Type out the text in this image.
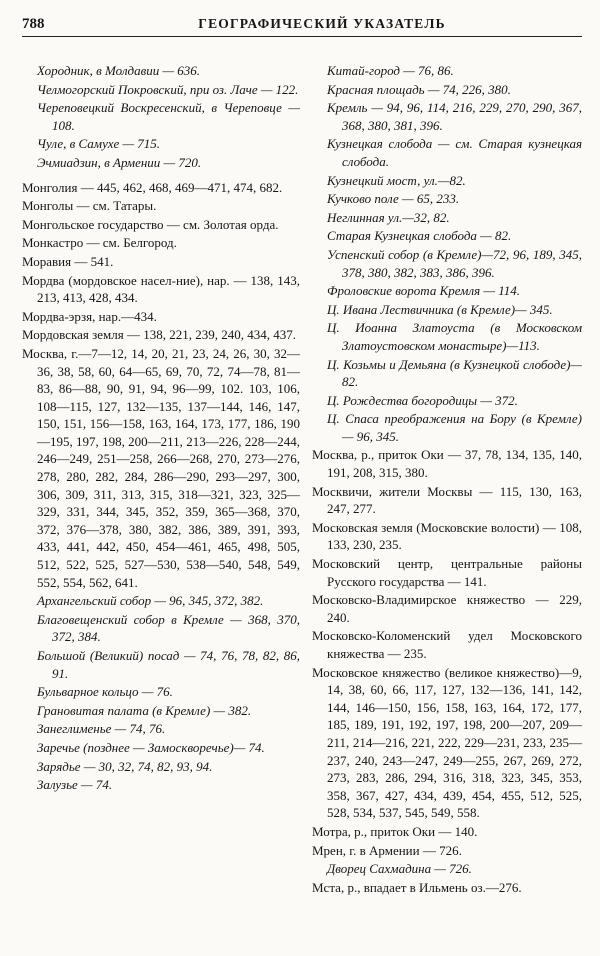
788	ГЕОГРАФИЧЕСКИЙ УКАЗАТЕЛЬ

Хородник, в Молдавии — 636.

Челмогорский Покровский, при оз. Лаче — 122.

Череповецкий Воскресенский, в Череповце —108.

Чуле, в Самухе — 715.

Эчмиадзин, в Армении — 720.

Монголия — 445, 462, 468, 469—471, 474, 682.

Монголы — см. Татары.

Монгольское государство — см. Золотая орда.

Монкастро — см. Белгород.

Моравия — 541.

Мордва (мордовское насел-ние), нар. — 138, 143, 213, 413, 428, 434.

Мордва-эрзя, нар.—434.

Мордовская земля — 138, 221, 239, 240, 434, 437.

Москва, г.—7—12, 14, 20, 21, 23, 24, 26, 30, 32—36, 38, 58, 60, 64—65, 69, 70, 72, 74—78, 81—83, 86—88, 90, 91, 94, 96—99, 102. 103, 106, 108—115, 127, 132—135, 137—144, 146, 147, 150, 151, 156—158, 163, 164, 173, 177, 186, 190—195, 197, 198, 200—211, 213—226, 228—244, 246—249, 251—258, 266—268, 270, 273—276, 278, 280, 282, 284, 286—290, 293—297, 300, 306, 309, 311, 313, 315, 318—321, 323, 325—329, 331, 344, 345, 352, 359, 365—368, 370, 372, 376—378, 380, 382, 386, 389, 391, 393, 433, 441, 442, 450, 454—461, 465, 498, 505, 512, 522, 525, 527—530, 538—540, 548, 549, 552, 554, 562, 641.

Архангельский собор — 96, 345, 372, 382.

Благовещенский собор в Кремле — 368, 370, 372, 384.

Большой (Великий) посад — 74, 76, 78, 82, 86, 91.

Бульварное кольцо — 76.

Грановитая палата (в Кремле) — 382.

Занеглименье — 74, 76.

Заречье (позднее — Замоскворечье)— 74.

Зарядье — 30, 32, 74, 82, 93, 94.

Залузье — 74.

Китай-город — 76, 86.

Красная площадь — 74, 226, 380.

Кремль — 94, 96, 114, 216, 229, 270, 290, 367, 368, 380, 381, 396.

Кузнецкая слобода — см. Старая кузнецкая слобода.

Кузнецкий мост, ул.—82.

Кучково поле — 65, 233.

Неглинная ул.—32, 82.

Старая Кузнецкая слобода — 82.

Успенский собор (в Кремле)—72, 96, 189, 345, 378, 380, 382, 383, 386, 396.

Фроловские ворота Кремля — 114.

Ц. Ивана Лествичника (в Кремле)— 345.

Ц. Иоанна Златоуста (в Московском Златоустовском монастыре)—113.

Ц. Козьмы и Демьяна (в Кузнецкой слободе)—82.

Ц. Рождества богородицы — 372.

Ц. Спаса преображения на Бору (в Кремле) — 96, 345.

Москва, р., приток Оки — 37, 78, 134, 135, 140, 191, 208, 315, 380.

Москвичи, жители Москвы — 115, 130, 163, 247, 277.

Московская земля (Московские волости) — 108, 133, 230, 235.

Московский центр, центральные районы Русского государства — 141.

Московско-Владимирское княжество — 229, 240.

Московско-Коломенский удел Московского княжества — 235.

Московское княжество (великое княжество)—9, 14, 38, 60, 66, 117, 127, 132—136, 141, 142, 144, 146—150, 156, 158, 163, 164, 172, 177, 185, 189, 191, 192, 197, 198, 200—207, 209—211, 214—216, 221, 222, 229—231, 233, 235—237, 240, 243—247, 249—255, 267, 269, 272, 273, 283, 286, 294, 316, 318, 323, 345, 353, 358, 367, 427, 434, 439, 454, 455, 512, 525, 528, 534, 537, 545, 549, 558.

Мотра, р., приток Оки — 140.

Мрен, г. в Армении — 726.

Дворец Сахмадина — 726.

Мста, р., впадает в Ильмень оз.—276.
